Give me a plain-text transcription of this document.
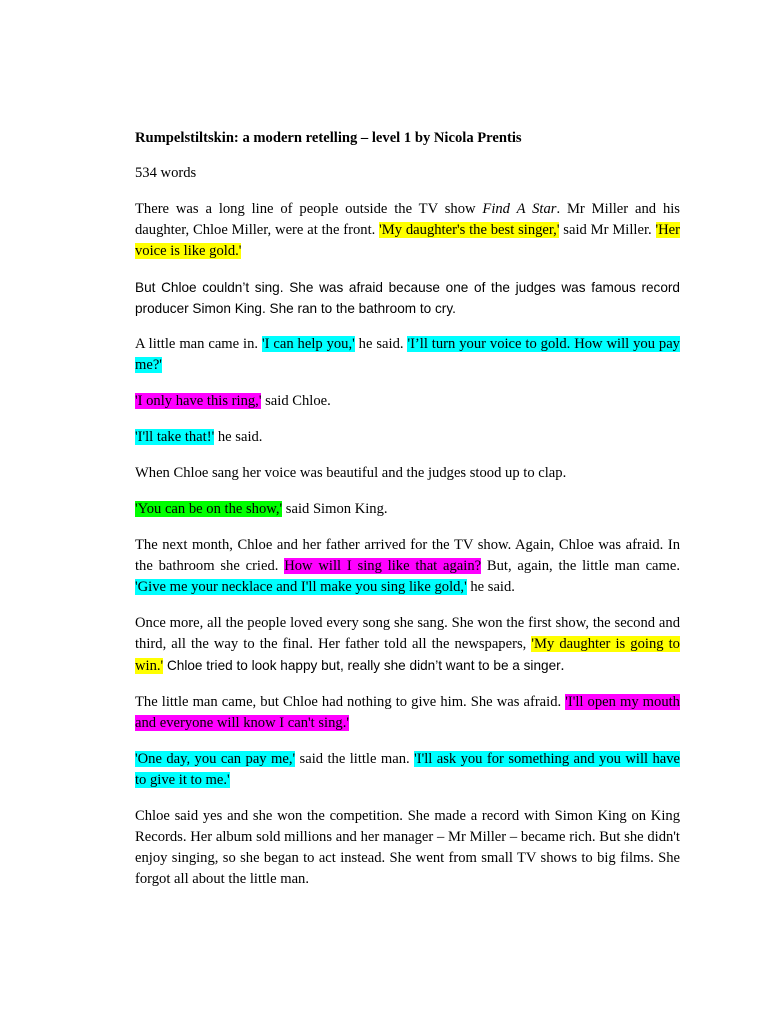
Rumpelstiltskin: a modern retelling – level 1 by Nicola Prentis
534 words

There was a long line of people outside the TV show Find A Star. Mr Miller and his daughter, Chloe Miller, were at the front. 'My daughter's the best singer,' said Mr Miller. 'Her voice is like gold.'

But Chloe couldn’t sing. She was afraid because one of the judges was famous record producer Simon King. She ran to the bathroom to cry.

A little man came in. 'I can help you,' he said. 'I’ll turn your voice to gold. How will you pay me?'

'I only have this ring,' said Chloe.

'I'll take that!' he said.

When Chloe sang her voice was beautiful and the judges stood up to clap.

'You can be on the show,' said Simon King.

The next month, Chloe and her father arrived for the TV show. Again, Chloe was afraid. In the bathroom she cried. How will I sing like that again? But, again, the little man came. 'Give me your necklace and I'll make you sing like gold,' he said.

Once more, all the people loved every song she sang. She won the first show, the second and third, all the way to the final. Her father told all the newspapers, 'My daughter is going to win.' Chloe tried to look happy but, really she didn’t want to be a singer.

The little man came, but Chloe had nothing to give him. She was afraid. 'I'll open my mouth and everyone will know I can't sing.'

'One day, you can pay me,' said the little man. 'I'll ask you for something and you will have to give it to me.'

Chloe said yes and she won the competition. She made a record with Simon King on King Records. Her album sold millions and her manager – Mr Miller – became rich. But she didn't enjoy singing, so she began to act instead. She went from small TV shows to big films. She forgot all about the little man.
